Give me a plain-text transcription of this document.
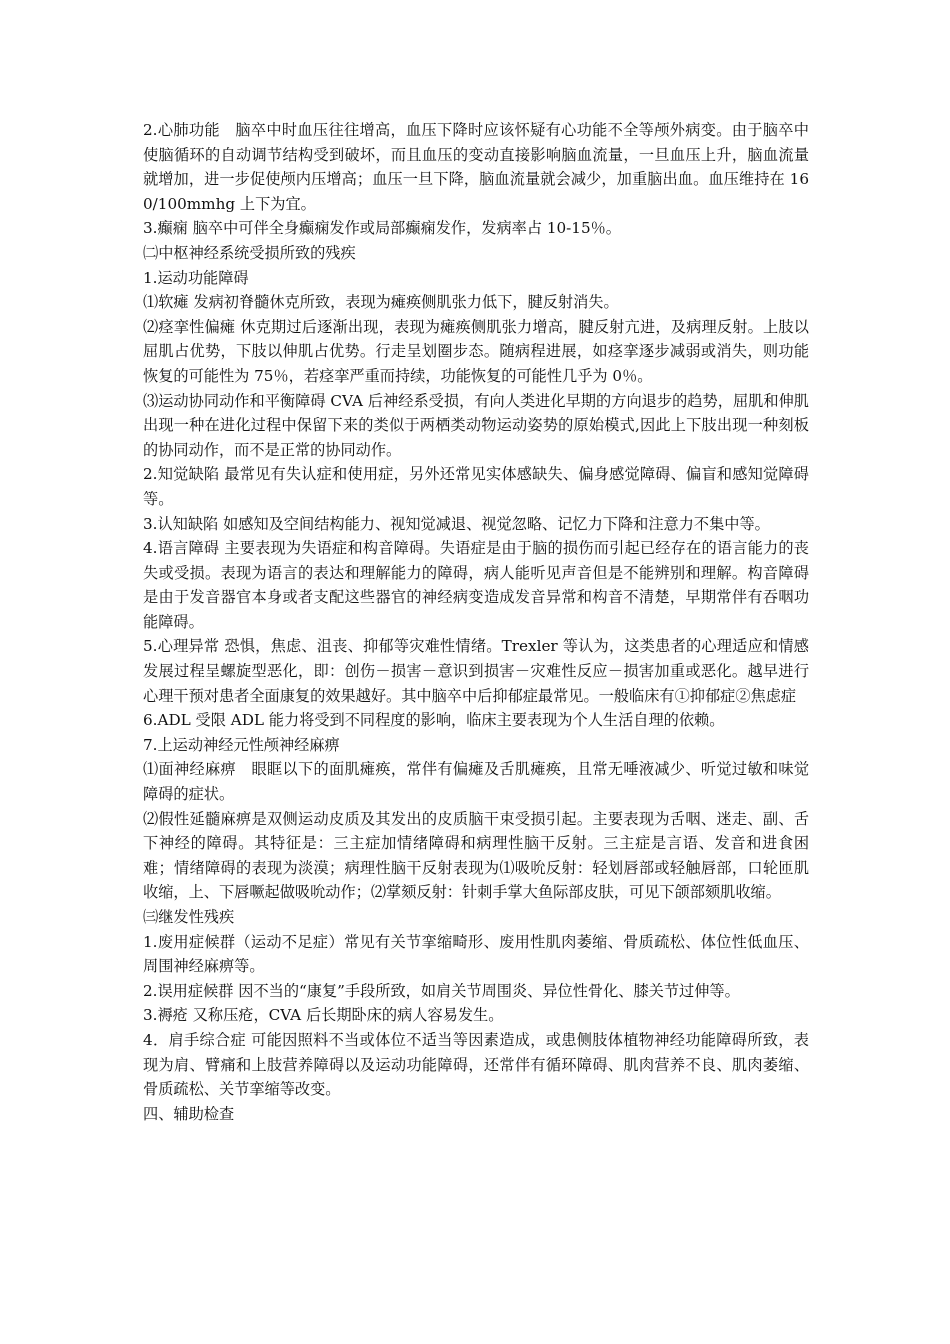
2.心肺功能　脑卒中时血压往往增高，血压下降时应该怀疑有心功能不全等颅外病变。由于脑卒中使脑循环的自动调节结构受到破坏，而且血压的变动直接影响脑血流量，一旦血压上升，脑血流量就增加，进一步促使颅内压增高；血压一旦下降，脑血流量就会减少，加重脑出血。血压维持在 160/100mmhg 上下为宜。

3.癫痫 脑卒中可伴全身癫痫发作或局部癫痫发作，发病率占 10-15％。

㈡中枢神经系统受损所致的残疾

1.运动功能障碍

⑴软瘫 发病初脊髓休克所致，表现为瘫痪侧肌张力低下，腱反射消失。

⑵痉挛性偏瘫 休克期过后逐渐出现，表现为瘫痪侧肌张力增高，腱反射亢进，及病理反射。上肢以屈肌占优势，下肢以伸肌占优势。行走呈划圈步态。随病程进展，如痉挛逐步减弱或消失，则功能恢复的可能性为 75％，若痉挛严重而持续，功能恢复的可能性几乎为 0％。

⑶运动协同动作和平衡障碍 CVA 后神经系受损，有向人类进化早期的方向退步的趋势，屈肌和伸肌出现一种在进化过程中保留下来的类似于两栖类动物运动姿势的原始模式,因此上下肢出现一种刻板的协同动作，而不是正常的协同动作。

2.知觉缺陷 最常见有失认症和使用症，另外还常见实体感缺失、偏身感觉障碍、偏盲和感知觉障碍等。

3.认知缺陷 如感知及空间结构能力、视知觉减退、视觉忽略、记忆力下降和注意力不集中等。

4.语言障碍 主要表现为失语症和构音障碍。失语症是由于脑的损伤而引起已经存在的语言能力的丧失或受损。表现为语言的表达和理解能力的障碍，病人能听见声音但是不能辨别和理解。构音障碍是由于发音器官本身或者支配这些器官的神经病变造成发音异常和构音不清楚，早期常伴有吞咽功能障碍。

5.心理异常 恐惧，焦虑、沮丧、抑郁等灾难性情绪。Trexler 等认为，这类患者的心理适应和情感发展过程呈螺旋型恶化，即：创伤－损害－意识到损害－灾难性反应－损害加重或恶化。越早进行心理干预对患者全面康复的效果越好。其中脑卒中后抑郁症最常见。一般临床有①抑郁症②焦虑症

6.ADL 受限 ADL 能力将受到不同程度的影响，临床主要表现为个人生活自理的依赖。

7.上运动神经元性颅神经麻痹

⑴面神经麻痹　眼眶以下的面肌瘫痪，常伴有偏瘫及舌肌瘫痪，且常无唾液减少、听觉过敏和味觉障碍的症状。

⑵假性延髓麻痹是双侧运动皮质及其发出的皮质脑干束受损引起。主要表现为舌咽、迷走、副、舌下神经的障碍。其特征是：三主症加情绪障碍和病理性脑干反射。三主症是言语、发音和进食困难；情绪障碍的表现为淡漠；病理性脑干反射表现为⑴吸吮反射：轻划唇部或轻触唇部，口轮匝肌收缩，上、下唇噘起做吸吮动作；⑵掌颏反射：针刺手掌大鱼际部皮肤，可见下颌部颏肌收缩。

㈢继发性残疾

1.废用症候群（运动不足症）常见有关节挛缩畸形、废用性肌肉萎缩、骨质疏松、体位性低血压、周围神经麻痹等。

2.误用症候群 因不当的“康复”手段所致，如肩关节周围炎、异位性骨化、膝关节过伸等。

3.褥疮 又称压疮，CVA 后长期卧床的病人容易发生。

4．肩手综合症 可能因照料不当或体位不适当等因素造成，或患侧肢体植物神经功能障碍所致，表现为肩、臂痛和上肢营养障碍以及运动功能障碍，还常伴有循环障碍、肌肉营养不良、肌肉萎缩、骨质疏松、关节挛缩等改变。

四、辅助检查
